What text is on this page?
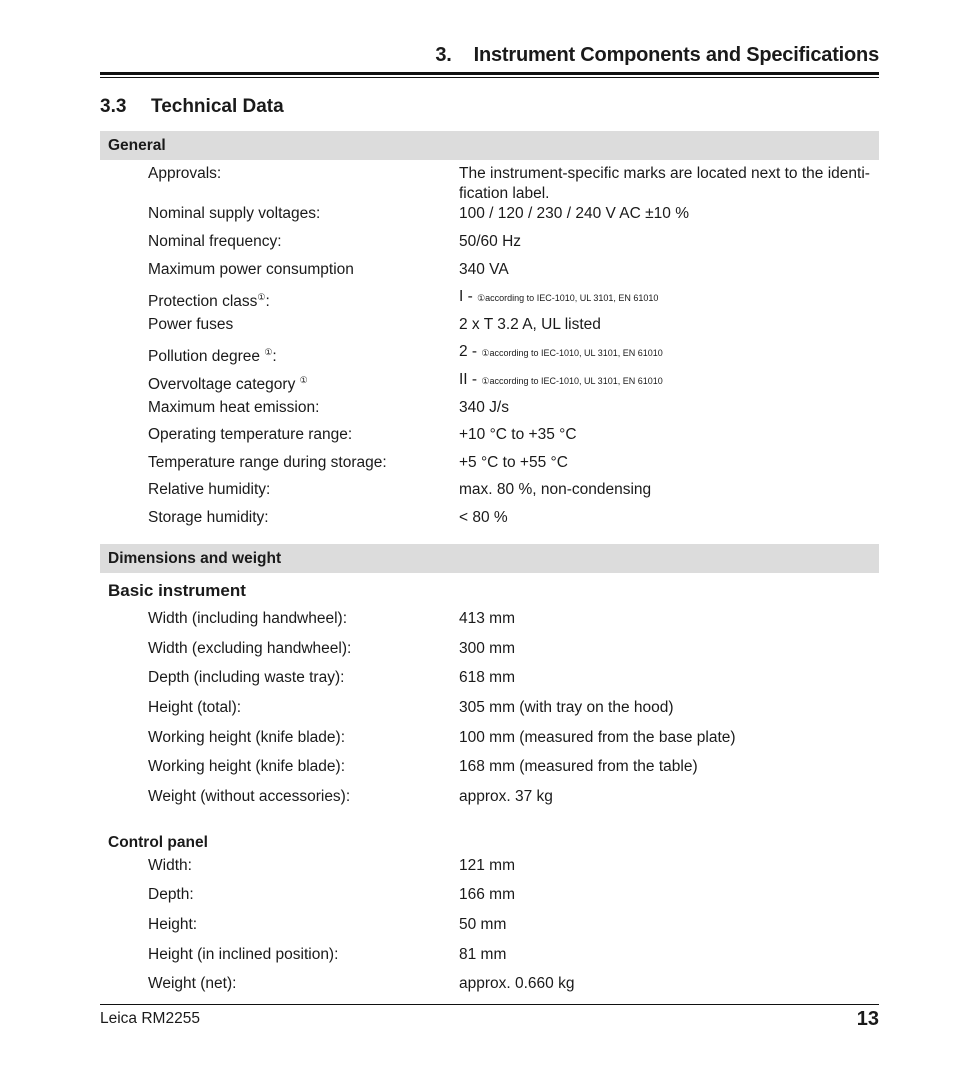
3. Instrument Components and Specifications
3.3 Technical Data
General
Approvals:	The instrument-specific marks are located next to the identi-
fication label.
Nominal supply voltages:	100 / 120 / 230 / 240 V AC ±10 %
Nominal frequency:	50/60 Hz
Maximum power consumption	340 VA
Protection class①:	I - ①according to IEC-1010, UL 3101, EN 61010
Power fuses	2 x T 3.2 A, UL listed
Pollution degree ①:	2 - ①according to IEC-1010, UL 3101, EN 61010
Overvoltage category ①	II - ①according to IEC-1010, UL 3101, EN 61010
Maximum heat emission:	340 J/s
Operating temperature range:	+10 °C to +35 °C
Temperature range during storage:	+5 °C to +55 °C
Relative humidity:	max. 80 %, non-condensing
Storage humidity:	< 80 %
Dimensions and weight
Basic instrument
Width (including handwheel):	413 mm
Width (excluding handwheel):	300 mm
Depth (including waste tray):	618 mm
Height (total):	305 mm (with tray on the hood)
Working height (knife blade):	100 mm (measured from the base plate)
Working height (knife blade):	168 mm (measured from the table)
Weight (without accessories):	approx. 37 kg
Control panel
Width:	121 mm
Depth:	166 mm
Height:	50 mm
Height (in inclined position):	81 mm
Weight (net):	approx. 0.660 kg
Leica RM2255	13
